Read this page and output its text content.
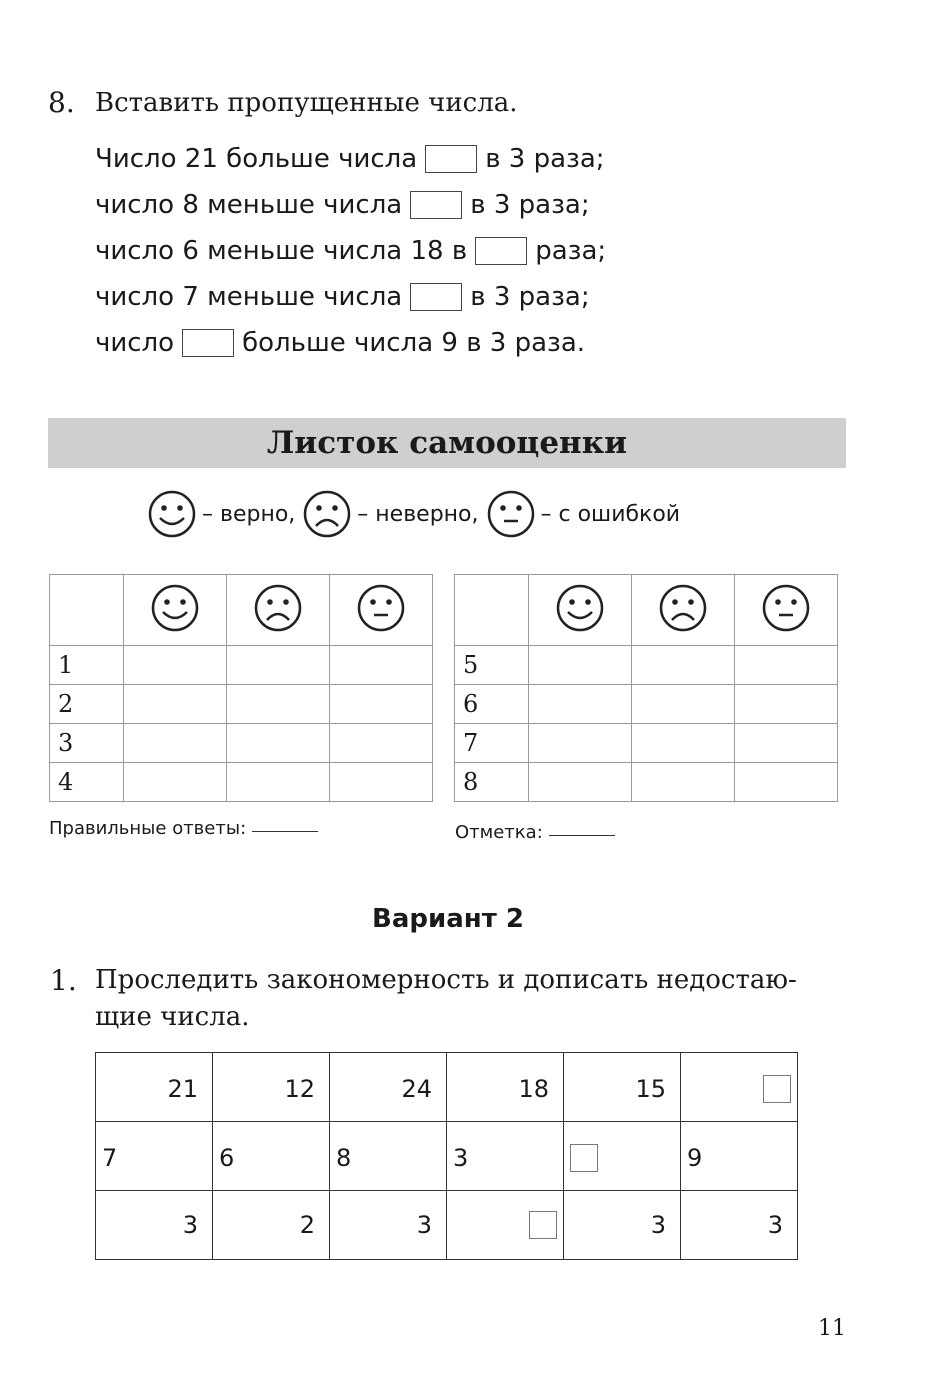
8. Вставить пропущенные числа.
Число 21 больше числа	в 3 раза;
число 8 меньше числа	в 3 раза;
число 6 меньше числа 18 в	раза;
число 7 меньше числа	в 3 раза;
число	больше числа 9 в 3 раза.
Листок самооценки
– верно,	– неверно,	– с ошибкой

1			
2			
3			
4			

5			
6			
7			
8			
Правильные ответы:	Отметка:
Вариант 2
1. Проследить закономерность и дописать недостаю-
щие числа.
21	12	24	18	15	

7	6	8	3		9

3	2	3		3	3
11
